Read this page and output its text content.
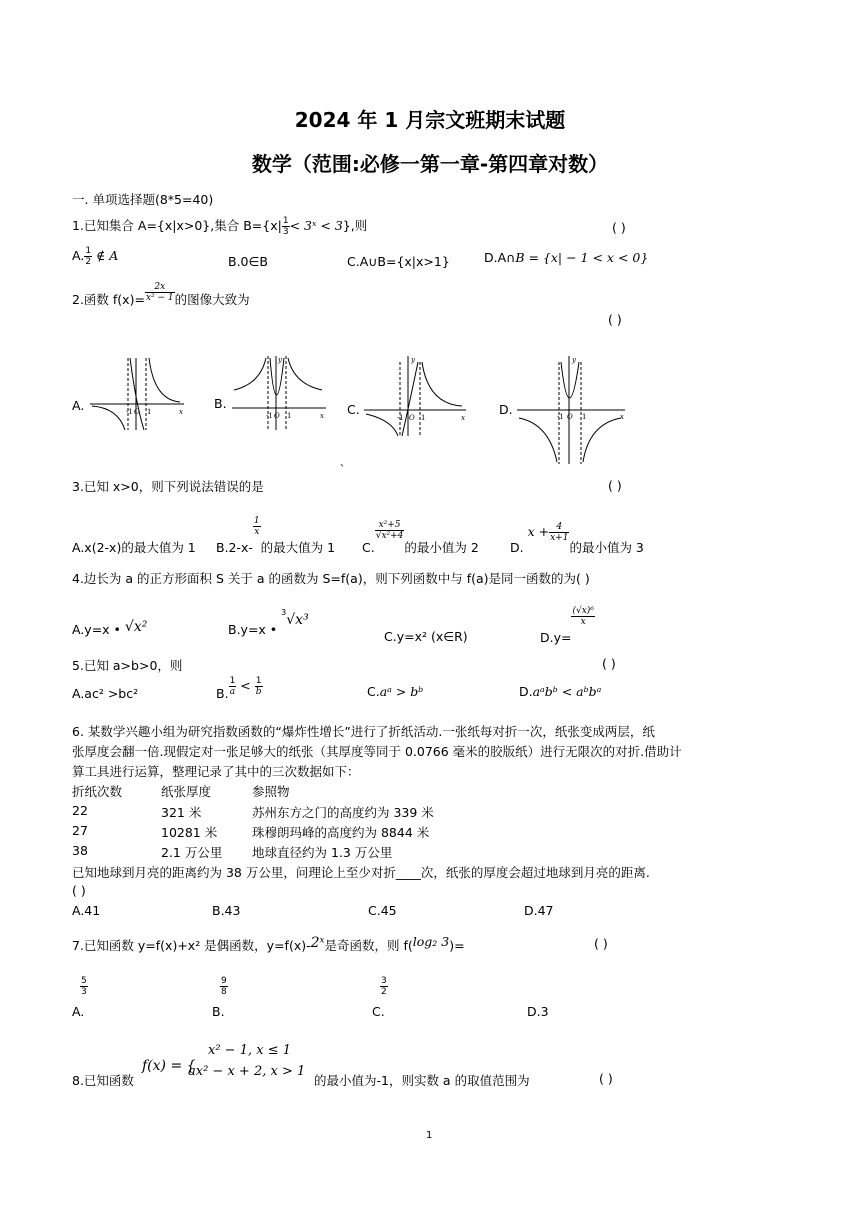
2024 年 1 月宗文班期末试题
数学（范围:必修一第一章-第四章对数）
一. 单项选择题(8*5=40)
1.已知集合 A={x|x>0},集合 $B=\{x| \frac{1}{3}$ < 3ˣ < 3},则	( )
A. $\frac{1}{2}$ ∉ A	B.0∈B	C.A∪B={x|x>1}	D.A∩B = {x| − 1 < x < 0}
2.函数 $f(x)= \frac{2x}{\text{x² − 1}}$ 的图像大致为
( )
A.	B.	C.	D.
-1 O 1	x	-1 O 1	x
y
-1 O 1	x
y
-1 O 1	x
y
、
3.已知 x>0，则下列说法错误的是	( )
A.x(2-x)的最大值为 1 B.2-x-
$\frac{1}{x}$
的最大值为 1 C.
$\frac{\text{x²+5}}{\text{√x²+4}}$
的最小值为 2 D. $x + \frac{4}{x+1}$
的最小值为 3
4.边长为 a 的正方形面积 S 关于 a 的函数为 S=f(a)，则下列函数中与 f(a)是同一函数的为( )
A.y=x • √x²	B.y=x • $^3$√x³
C.y=x² (x∈R)	D.y=
$\frac{\text{(√x)⁶}}{x}$
5.已知 a>b>0，则	( )
A.ac² >bc²	B. $\frac{1}{a} < \frac{1}{b}$	C.aᵃ > bᵇ	D.aᵃbᵇ < aᵇbᵃ
6. 某数学兴趣小组为研究指数函数的“爆炸性增长”进行了折纸活动.一张纸每对折一次，纸张变成两层，纸
张厚度会翻一倍.现假定对一张足够大的纸张（其厚度等同于 0.0766 毫米的胶版纸）进行无限次的对折.借助计
算工具进行运算，整理记录了其中的三次数据如下：
折纸次数	纸张厚度	参照物
22	321 米	苏州东方之门的高度约为 339 米
27	10281 米	珠穆朗玛峰的高度约为 8844 米
38	2.1 万公里 地球直径约为 1.3 万公里
已知地球到月亮的距离约为 38 万公里，问理论上至少对折____次，纸张的厚度会超过地球到月亮的距离.
( )
A.41	B.43	C.45	D.47
7.已知函数 y=f(x)+x² 是偶函数，y=f(x)-2ˣ是奇函数，则 f(log₂ 3)=	( )
$\frac{5}{3}$
A.
$\frac{9}{8}$
B.
$\frac{3}{2}$
C.	D.3
8.已知函数
f(x) = {
x² − 1, x ≤ 1
ax² − x + 2, x > 1
的最小值为-1，则实数 a 的取值范围为	( )
1
